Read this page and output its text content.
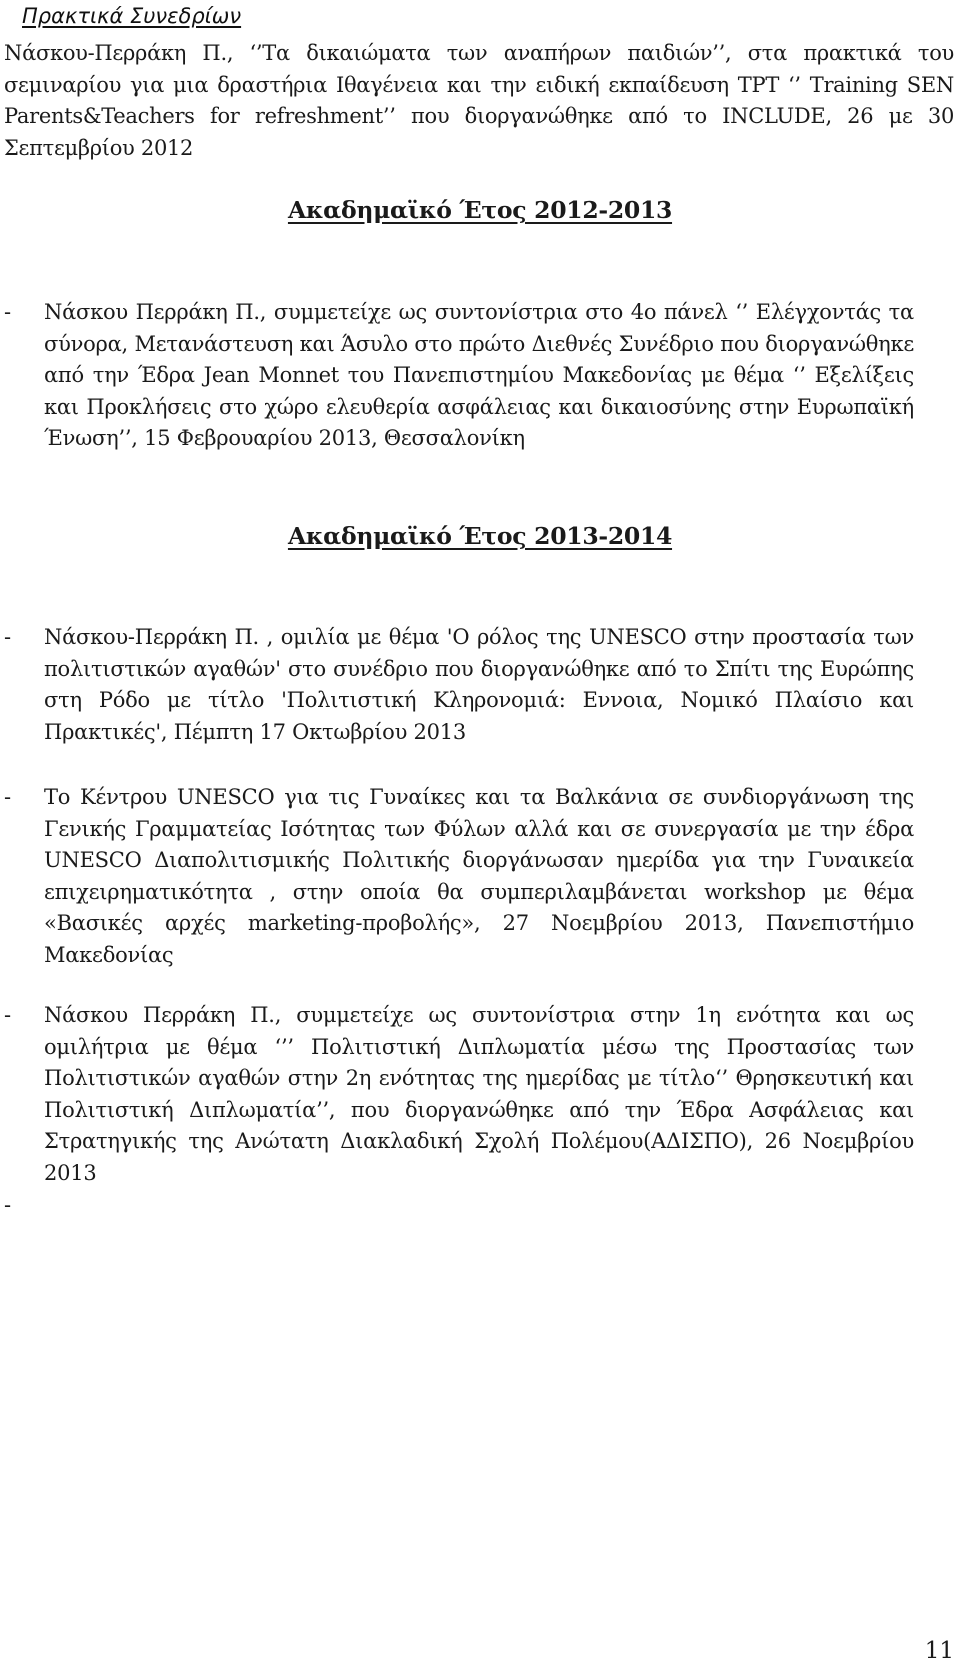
Πρακτικά Συνεδρίων
Νάσκου-Περράκη Π., ‘’Τα δικαιώματα των αναπήρων παιδιών’’, στα πρακτικά του σεμιναρίου για μια δραστήρια Ιθαγένεια και την ειδική εκπαίδευση TPT ‘’ Training SEN Parents&Teachers for refreshment’’ που διοργανώθηκε από το INCLUDE, 26 με 30 Σεπτεμβρίου 2012
Ακαδημαϊκό Έτος 2012-2013
-	Νάσκου Περράκη Π., συμμετείχε ως συντονίστρια στο 4ο πάνελ ‘’ Ελέγχοντάς τα σύνορα, Μετανάστευση και Άσυλο στο πρώτο Διεθνές Συνέδριο που διοργανώθηκε από την Έδρα Jean Monnet του Πανεπιστημίου Μακεδονίας με θέμα ‘’ Εξελίξεις και Προκλήσεις στο χώρο ελευθερία ασφάλειας και δικαιοσύνης στην Ευρωπαϊκή Ένωση’’, 15 Φεβρουαρίου 2013, Θεσσαλονίκη
Ακαδημαϊκό Έτος 2013-2014
-	Νάσκου-Περράκη Π. , ομιλία με θέμα 'Ο ρόλος της UNESCO στην προστασία των πολιτιστικών αγαθών' στο συνέδριο που διοργανώθηκε από το Σπίτι της Ευρώπης στη Ρόδο με τίτλο 'Πολιτιστική Κληρονομιά: Εννοια, Νομικό Πλαίσιο και Πρακτικές', Πέμπτη 17 Οκτωβρίου 2013
-	Το Κέντρου UNESCO για τις Γυναίκες και τα Βαλκάνια σε συνδιοργάνωση της Γενικής Γραμματείας Ισότητας των Φύλων αλλά και σε συνεργασία με την έδρα UNESCO Διαπολιτισμικής Πολιτικής διοργάνωσαν ημερίδα για την Γυναικεία επιχειρηματικότητα , στην οποία θα συμπεριλαμβάνεται workshop με θέμα «Βασικές αρχές marketing-προβολής», 27 Νοεμβρίου 2013, Πανεπιστήμιο Μακεδονίας
-	Νάσκου Περράκη Π., συμμετείχε ως συντονίστρια στην 1η ενότητα και ως ομιλήτρια με θέμα ‘’’ Πολιτιστική Διπλωματία μέσω της Προστασίας των Πολιτιστικών αγαθών στην 2η ενότητας της ημερίδας με τίτλο‘’ Θρησκευτική και Πολιτιστική Διπλωματία’’, που διοργανώθηκε από την Έδρα Ασφάλειας και Στρατηγικής της Ανώτατη Διακλαδική Σχολή Πολέμου(ΑΔΙΣΠΟ), 26 Νοεμβρίου 2013
-
11
